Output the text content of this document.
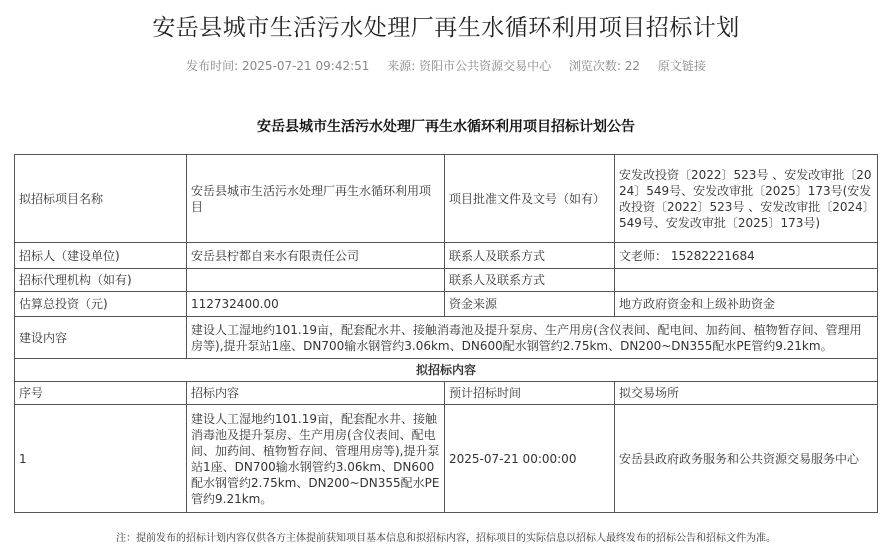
安岳县城市生活污水处理厂再生水循环利用项目招标计划
发布时间: 2025-07-21 09:42:51 来源: 资阳市公共资源交易中心 浏览次数: 22 原文链接
安岳县城市生活污水处理厂再生水循环利用项目招标计划公告
拟招标项目名称	安岳县城市生活污水处理厂再生水循环利用项目	项目批准文件及文号（如有）	安发改投资〔2022〕523号 、安发改审批〔2024〕549号、安发改审批〔2025〕173号(安发改投资〔2022〕523号 、安发改审批〔2024〕549号、安发改审批〔2025〕173号)
招标人（建设单位)	安岳县柠都自来水有限责任公司	联系人及联系方式	文老师： 15282221684
招标代理机构（如有)		联系人及联系方式	
估算总投资（元)	112732400.00	资金来源	地方政府资金和上级补助资金
建设内容	建设人工湿地约101.19亩，配套配水井、接触消毒池及提升泵房、生产用房(含仪表间、配电间、加药间、植物暂存间、管理用房等),提升泵站1座、DN700输水钢管约3.06km、DN600配水钢管约2.75km、DN200~DN355配水PE管约9.21km。		
拟招标内容			
序号	招标内容	预计招标时间	拟交易场所
1	建设人工湿地约101.19亩，配套配水井、接触消毒池及提升泵房、生产用房(含仪表间、配电间、加药间、植物暂存间、管理用房等),提升泵站1座、DN700输水钢管约3.06km、DN600配水钢管约2.75km、DN200~DN355配水PE管约9.21km。	2025-07-21 00:00:00	安岳县政府政务服务和公共资源交易服务中心
注：提前发布的招标计划内容仅供各方主体提前获知项目基本信息和拟招标内容，招标项目的实际信息以招标人最终发布的招标公告和招标文件为准。
